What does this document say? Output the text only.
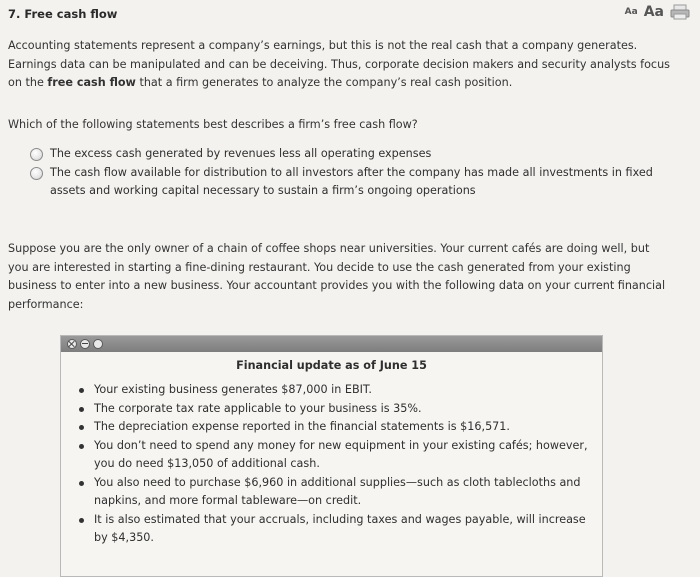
7. Free cash flow	Aa Aa
Accounting statements represent a company’s earnings, but this is not the real cash that a company generates. Earnings data can be manipulated and can be deceiving. Thus, corporate decision makers and security analysts focus on the free cash flow that a firm generates to analyze the company’s real cash position.
Which of the following statements best describes a firm’s free cash flow?
The excess cash generated by revenues less all operating expenses
The cash flow available for distribution to all investors after the company has made all investments in fixed assets and working capital necessary to sustain a firm’s ongoing operations
Suppose you are the only owner of a chain of coffee shops near universities. Your current cafés are doing well, but you are interested in starting a fine-dining restaurant. You decide to use the cash generated from your existing business to enter into a new business. Your accountant provides you with the following data on your current financial performance:
Financial update as of June 15
Your existing business generates $87,000 in EBIT.
The corporate tax rate applicable to your business is 35%.
The depreciation expense reported in the financial statements is $16,571.
You don’t need to spend any money for new equipment in your existing cafés; however, you do need $13,050 of additional cash.
You also need to purchase $6,960 in additional supplies—such as cloth tablecloths and napkins, and more formal tableware—on credit.
It is also estimated that your accruals, including taxes and wages payable, will increase by $4,350.
